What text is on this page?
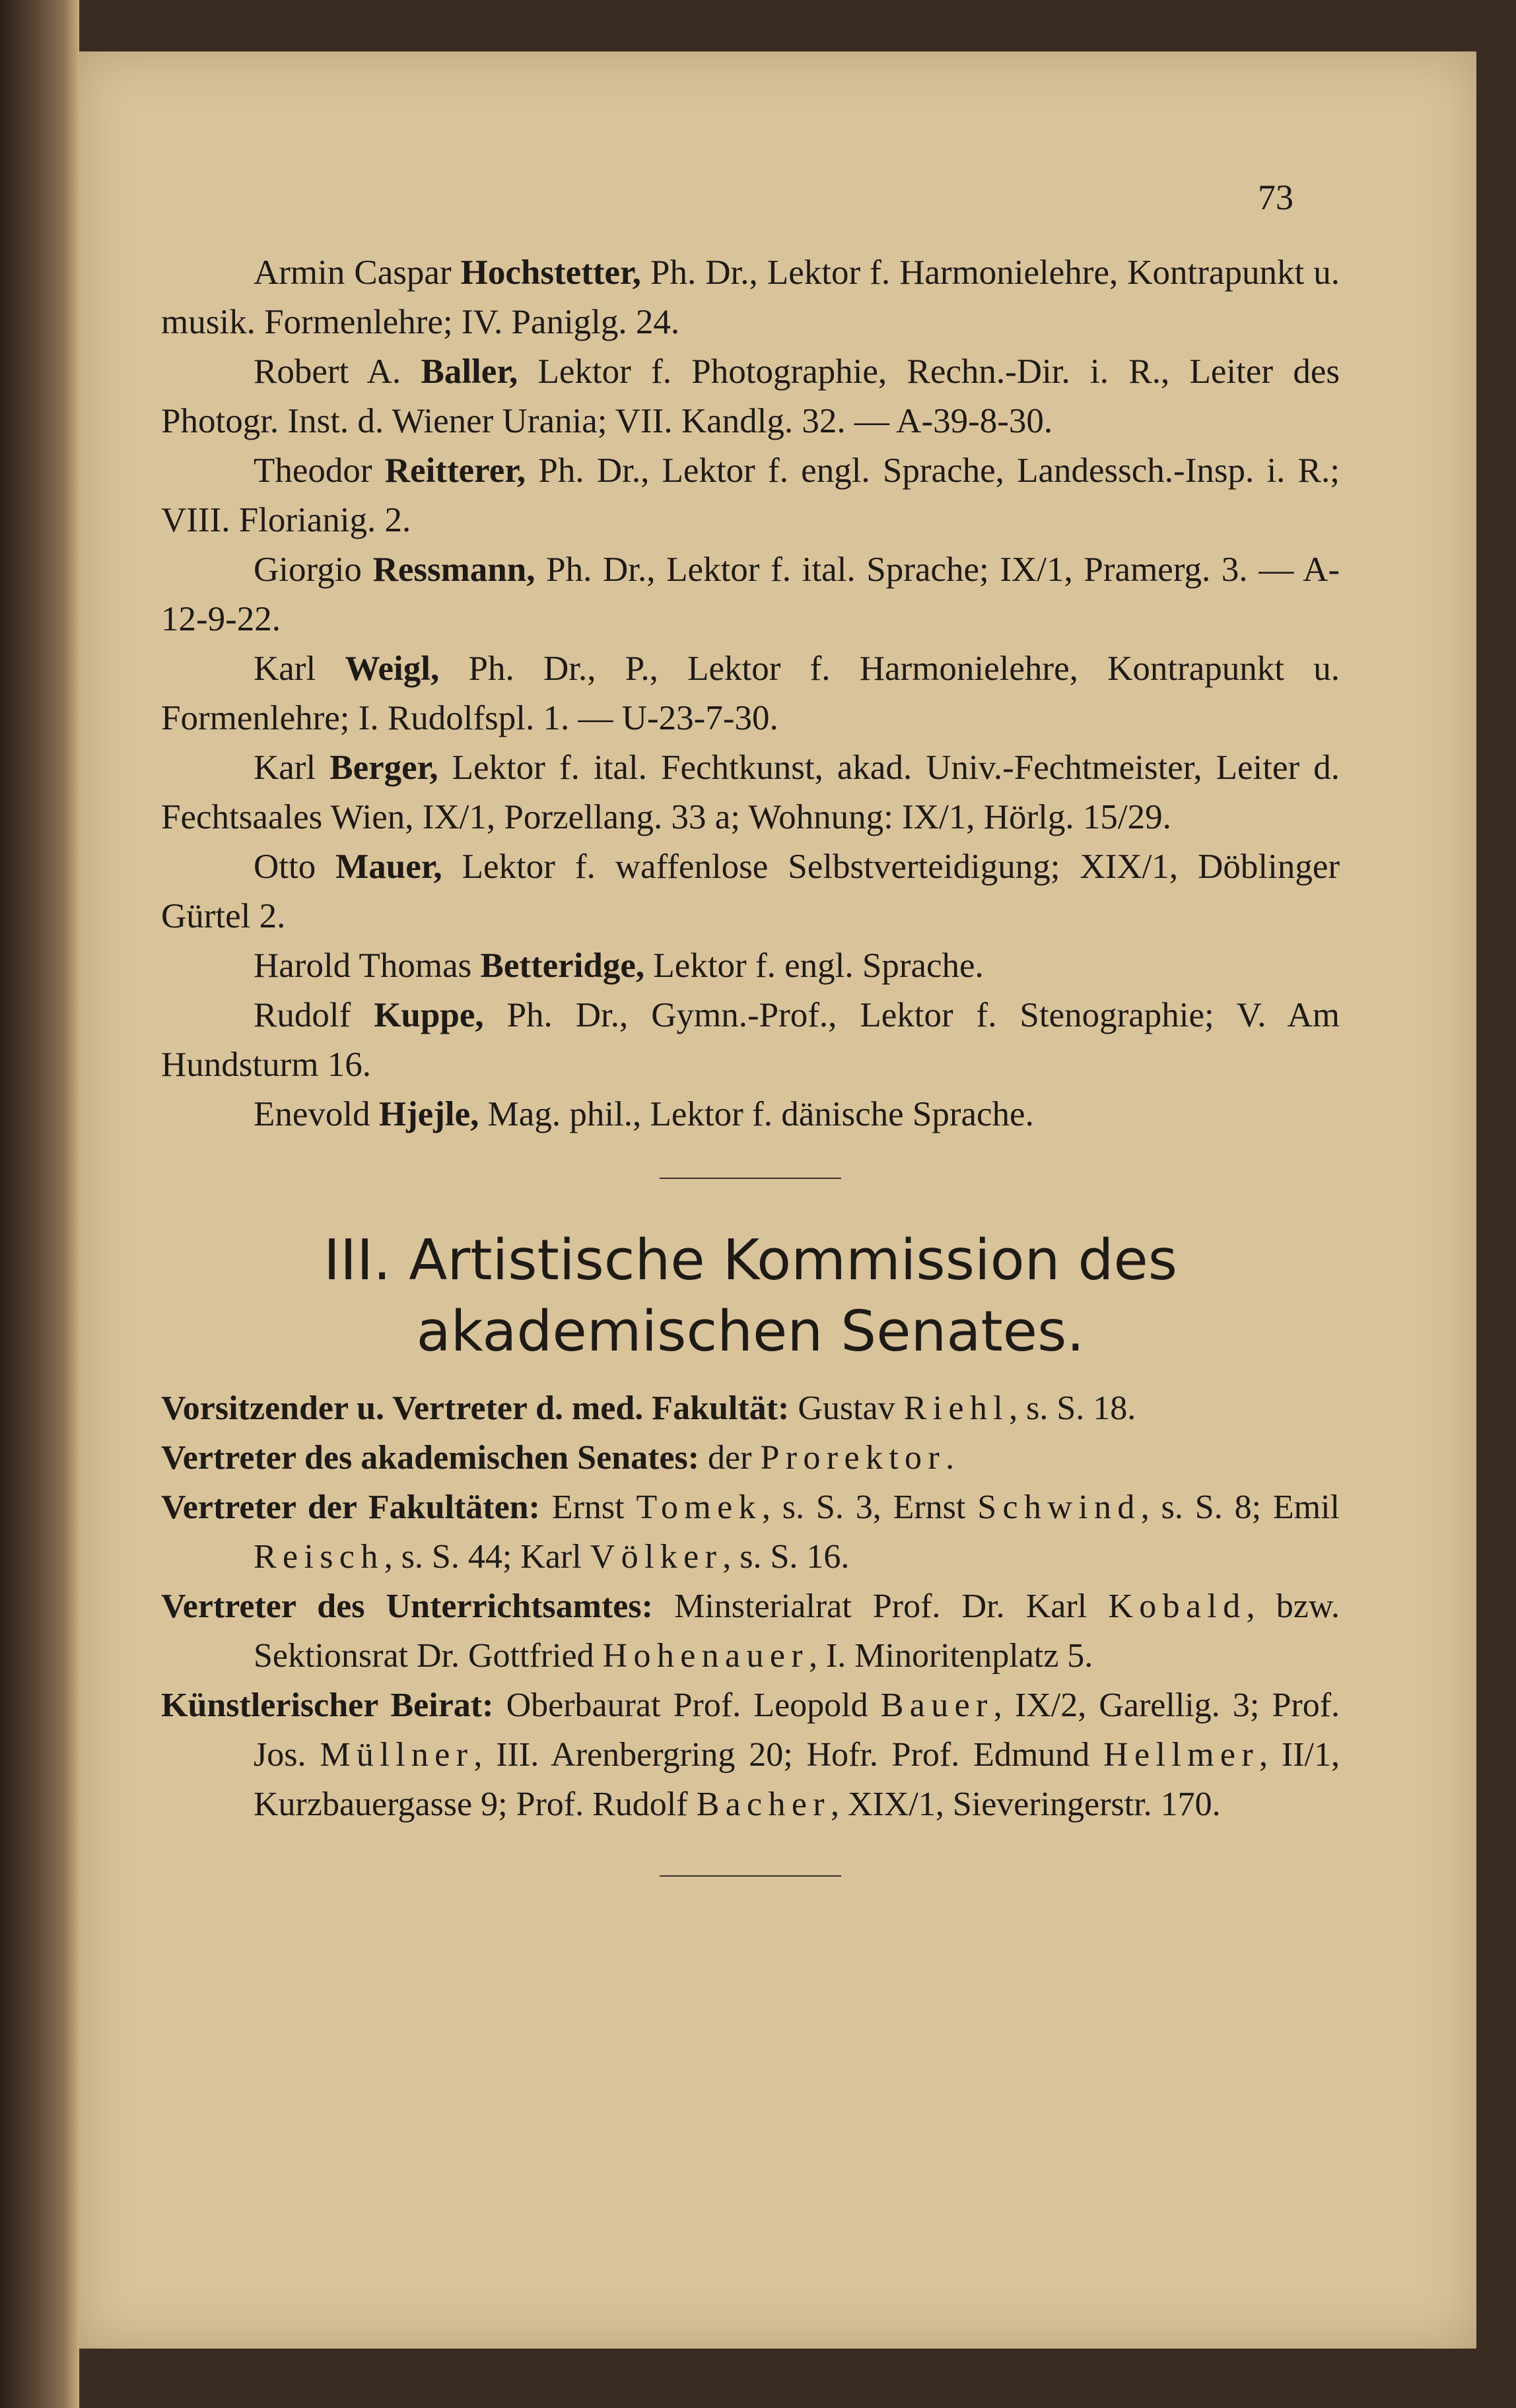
73

Armin Caspar Hochstetter, Ph. Dr., Lektor f. Harmonielehre, Kontrapunkt u. musik. Formenlehre; IV. Paniglg. 24.

Robert A. Baller, Lektor f. Photographie, Rechn.-Dir. i. R., Leiter des Photogr. Inst. d. Wiener Urania; VII. Kandlg. 32. — A-39-8-30.

Theodor Reitterer, Ph. Dr., Lektor f. engl. Sprache, Landessch.-Insp. i. R.; VIII. Florianig. 2.

Giorgio Ressmann, Ph. Dr., Lektor f. ital. Sprache; IX/1, Pramerg. 3. — A-12-9-22.

Karl Weigl, Ph. Dr., P., Lektor f. Harmonielehre, Kontrapunkt u. Formenlehre; I. Rudolfspl. 1. — U-23-7-30.

Karl Berger, Lektor f. ital. Fechtkunst, akad. Univ.-Fechtmeister, Leiter d. Fechtsaales Wien, IX/1, Porzellang. 33 a; Wohnung: IX/1, Hörlg. 15/29.

Otto Mauer, Lektor f. waffenlose Selbstverteidigung; XIX/1, Döblinger Gürtel 2.

Harold Thomas Betteridge, Lektor f. engl. Sprache.

Rudolf Kuppe, Ph. Dr., Gymn.-Prof., Lektor f. Stenographie; V. Am Hundsturm 16.

Enevold Hjejle, Mag. phil., Lektor f. dänische Sprache.

III. Artistische Kommission des
akademischen Senates.

Vorsitzender u. Vertreter d. med. Fakultät: Gustav Riehl, s. S. 18.

Vertreter des akademischen Senates: der Prorektor.

Vertreter der Fakultäten: Ernst Tomek, s. S. 3, Ernst Schwind, s. S. 8; Emil Reisch, s. S. 44; Karl Völker, s. S. 16.

Vertreter des Unterrichtsamtes: Minsterialrat Prof. Dr. Karl Kobald, bzw. Sektionsrat Dr. Gottfried Hohenauer, I. Minoritenplatz 5.

Künstlerischer Beirat: Oberbaurat Prof. Leopold Bauer, IX/2, Garellig. 3; Prof. Jos. Müllner, III. Arenbergring 20; Hofr. Prof. Edmund Hellmer, II/1, Kurzbauergasse 9; Prof. Rudolf Bacher, XIX/1, Sieveringerstr. 170.
